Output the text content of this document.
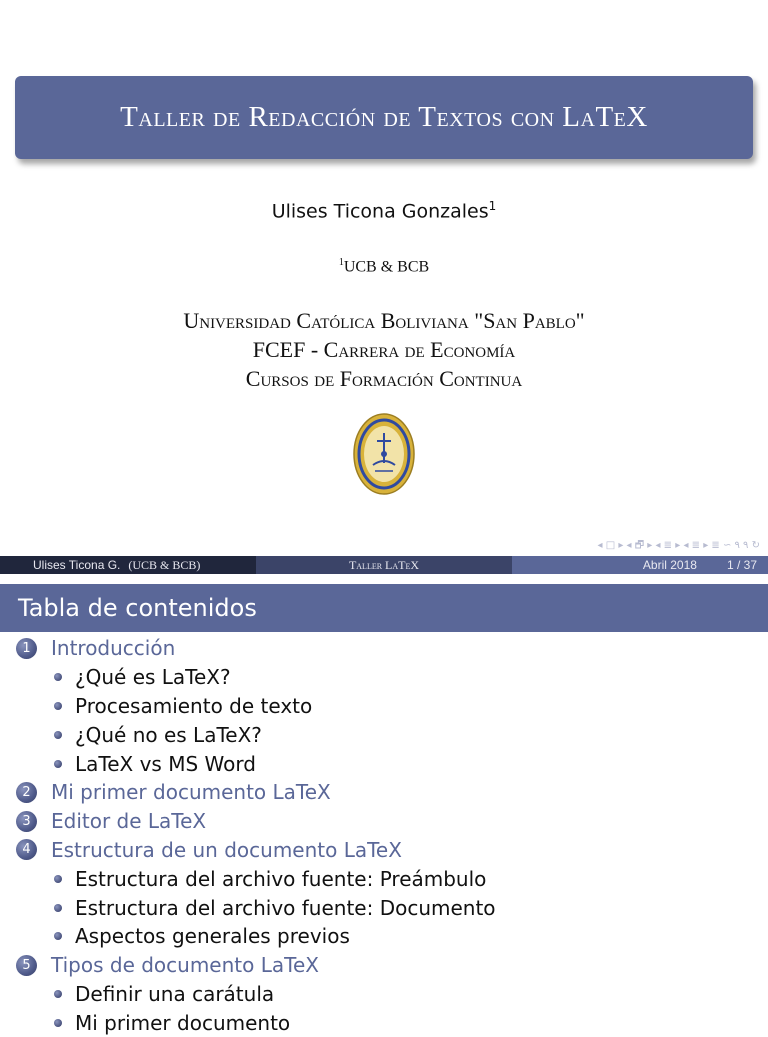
Taller de Redacción de Textos con LaTeX
Ulises Ticona Gonzales$^1$
$^1$UCB & BCB
Universidad Católica Boliviana "San Pablo"
FCEF - Carrera de Economía
Cursos de Formación Continua
◂ □ ▸ ◂ 🗗 ▸ ◂ ≣ ▸ ◂ ≣ ▸ ≣ ∽ ۹ ۹ ↻
Ulises Ticona G. (UCB & BCB)	Taller LaTeX	Abril 2018	1 / 37
Tabla de contenidos
1	Introducción
¿Qué es LaTeX?
Procesamiento de texto
¿Qué no es LaTeX?
LaTeX vs MS Word
2	Mi primer documento LaTeX
3	Editor de LaTeX
4	Estructura de un documento LaTeX
Estructura del archivo fuente: Preámbulo
Estructura del archivo fuente: Documento
Aspectos generales previos
5	Tipos de documento LaTeX
Definir una carátula
Mi primer documento
